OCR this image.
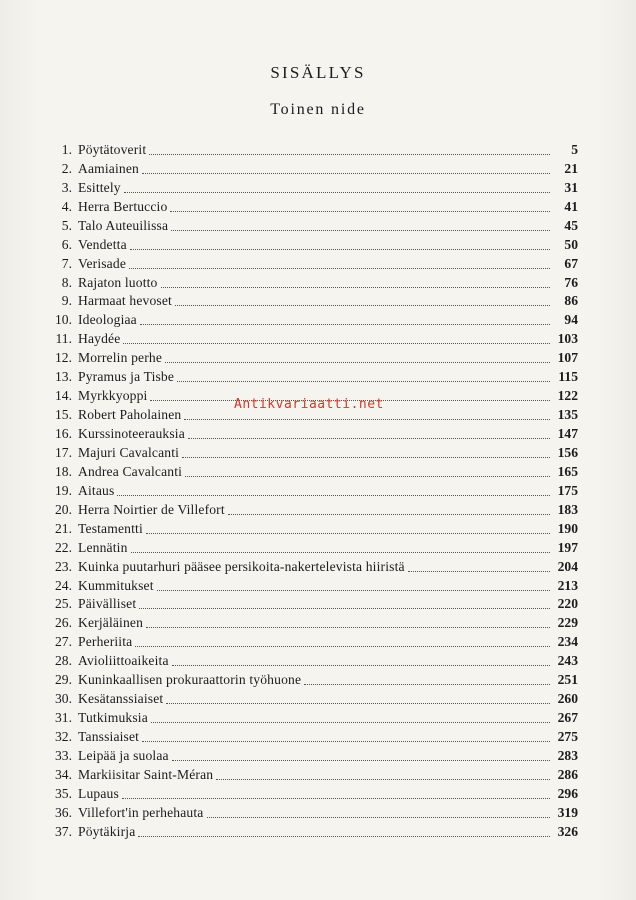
SISÄLLYS
Toinen nide
1. Pöytätoverit	5
2. Aamiainen	21
3. Esittely	31
4. Herra Bertuccio	41
5. Talo Auteuilissa	45
6. Vendetta	50
7. Verisade	67
8. Rajaton luotto	76
9. Harmaat hevoset	86
10. Ideologiaa	94
11. Haydée	103
12. Morrelin perhe	107
13. Pyramus ja Tisbe	115
14. Myrkkyoppi	122
15. Robert Paholainen	135
16. Kurssinoteerauksia	147
17. Majuri Cavalcanti	156
18. Andrea Cavalcanti	165
19. Aitaus	175
20. Herra Noirtier de Villefort	183
21. Testamentti	190
22. Lennätin	197
23. Kuinka puutarhuri pääsee persikoita-nakertelevista hiiristä	204
24. Kummitukset	213
25. Päivälliset	220
26. Kerjäläinen	229
27. Perheriita	234
28. Avioliittoaikeita	243
29. Kuninkaallisen prokuraattorin työhuone	251
30. Kesätanssiaiset	260
31. Tutkimuksia	267
32. Tanssiaiset	275
33. Leipää ja suolaa	283
34. Markiisitar Saint-Méran	286
35. Lupaus	296
36. Villefort'in perhehauta	319
37. Pöytäkirja	326
Antikvariaatti.net
